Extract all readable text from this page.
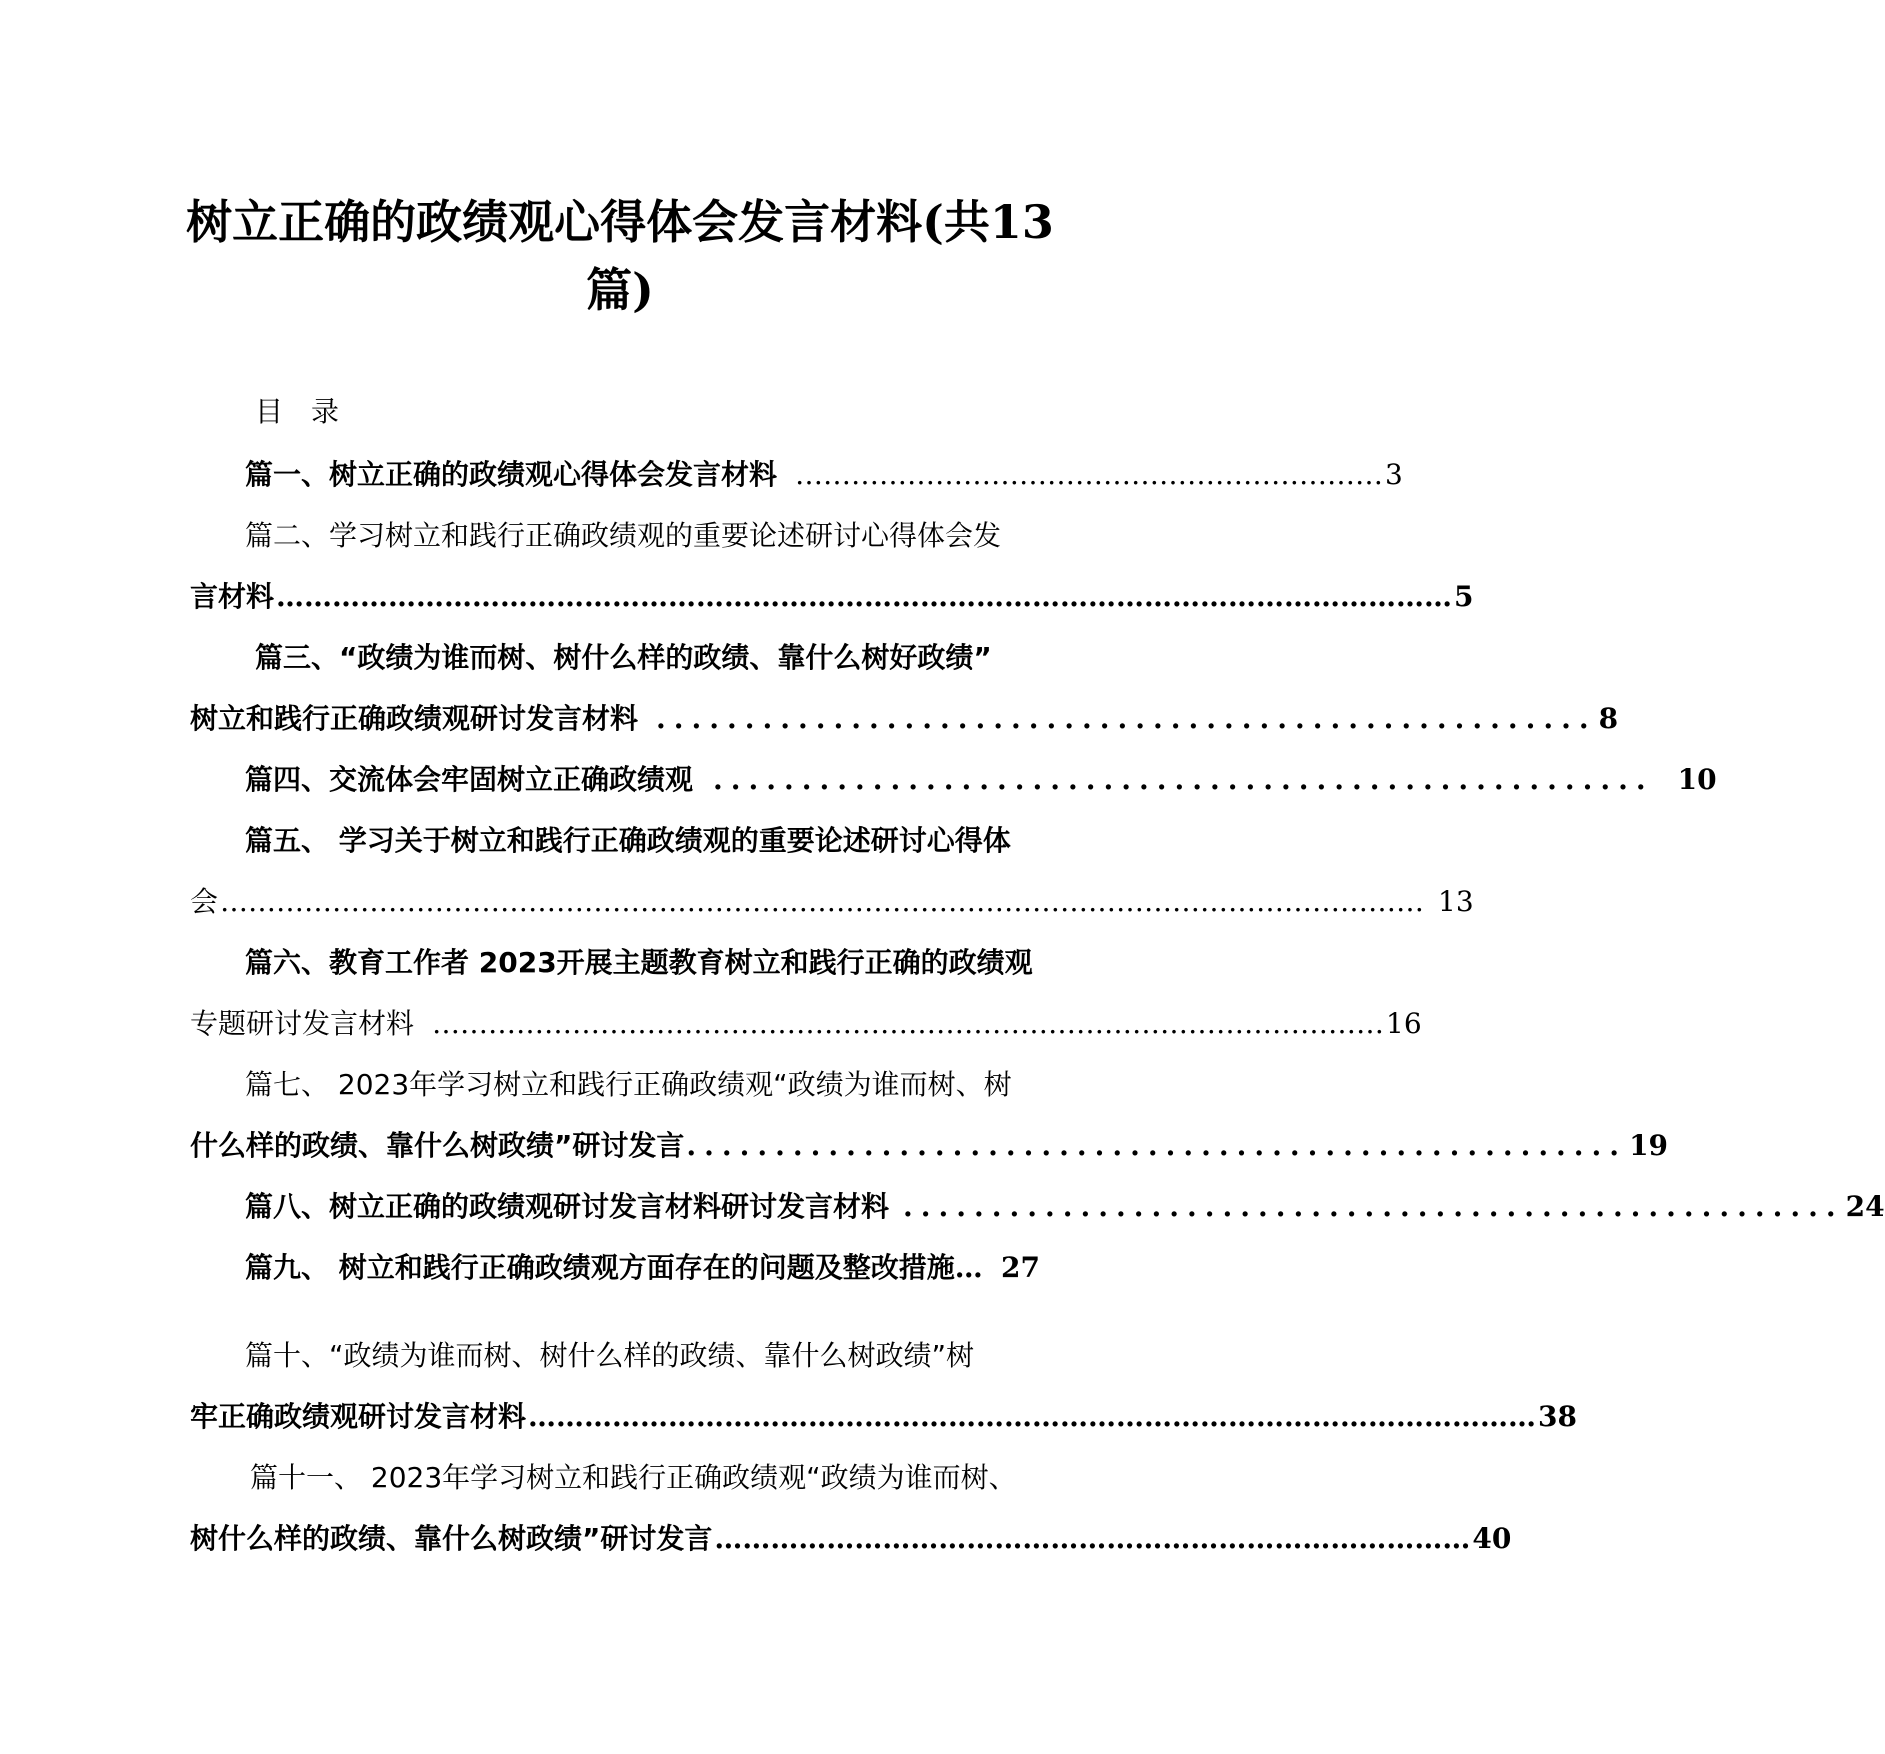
树立正确的政绩观心得体会发言材料(共13篇)
目录
篇一、树立正确的政绩观心得体会发言材料 ……………………………………………………… 3
篇二、学习树立和践行正确政绩观的重要论述研讨心得体会发
言材料 ……………………………………………………………………………………………………………… 5
篇三、“政绩为谁而树、树什么样的政绩、靠什么树好政绩”
树立和践行正确政绩观研讨发言材料 ..................................................... 8
篇四、交流体会牢固树立正确政绩观 ..................................................... 10
篇五、 学习关于树立和践行正确政绩观的重要论述研讨心得体
会 ………………………………………………………………………………………………………………… 13
篇六、教育工作者 2023开展主题教育树立和践行正确的政绩观
专题研讨发言材料 ………………………………………………………………………………………… 16
篇七、 2023年学习树立和践行正确政绩观“政绩为谁而树、树
什么样的政绩、靠什么树政绩”研讨发言 ..................................................... 19
篇八、树立正确的政绩观研讨发言材料研讨发言材料 ..................................................... 24
篇九、 树立和践行正确政绩观方面存在的问题及整改措施 … 27
篇十、“政绩为谁而树、树什么样的政绩、靠什么树政绩”树
牢正确政绩观研讨发言材料 ……………………………………………………………………………………………… 38
篇十一、 2023年学习树立和践行正确政绩观“政绩为谁而树、
树什么样的政绩、靠什么树政绩”研讨发言 ……………………………………………………………………… 40
